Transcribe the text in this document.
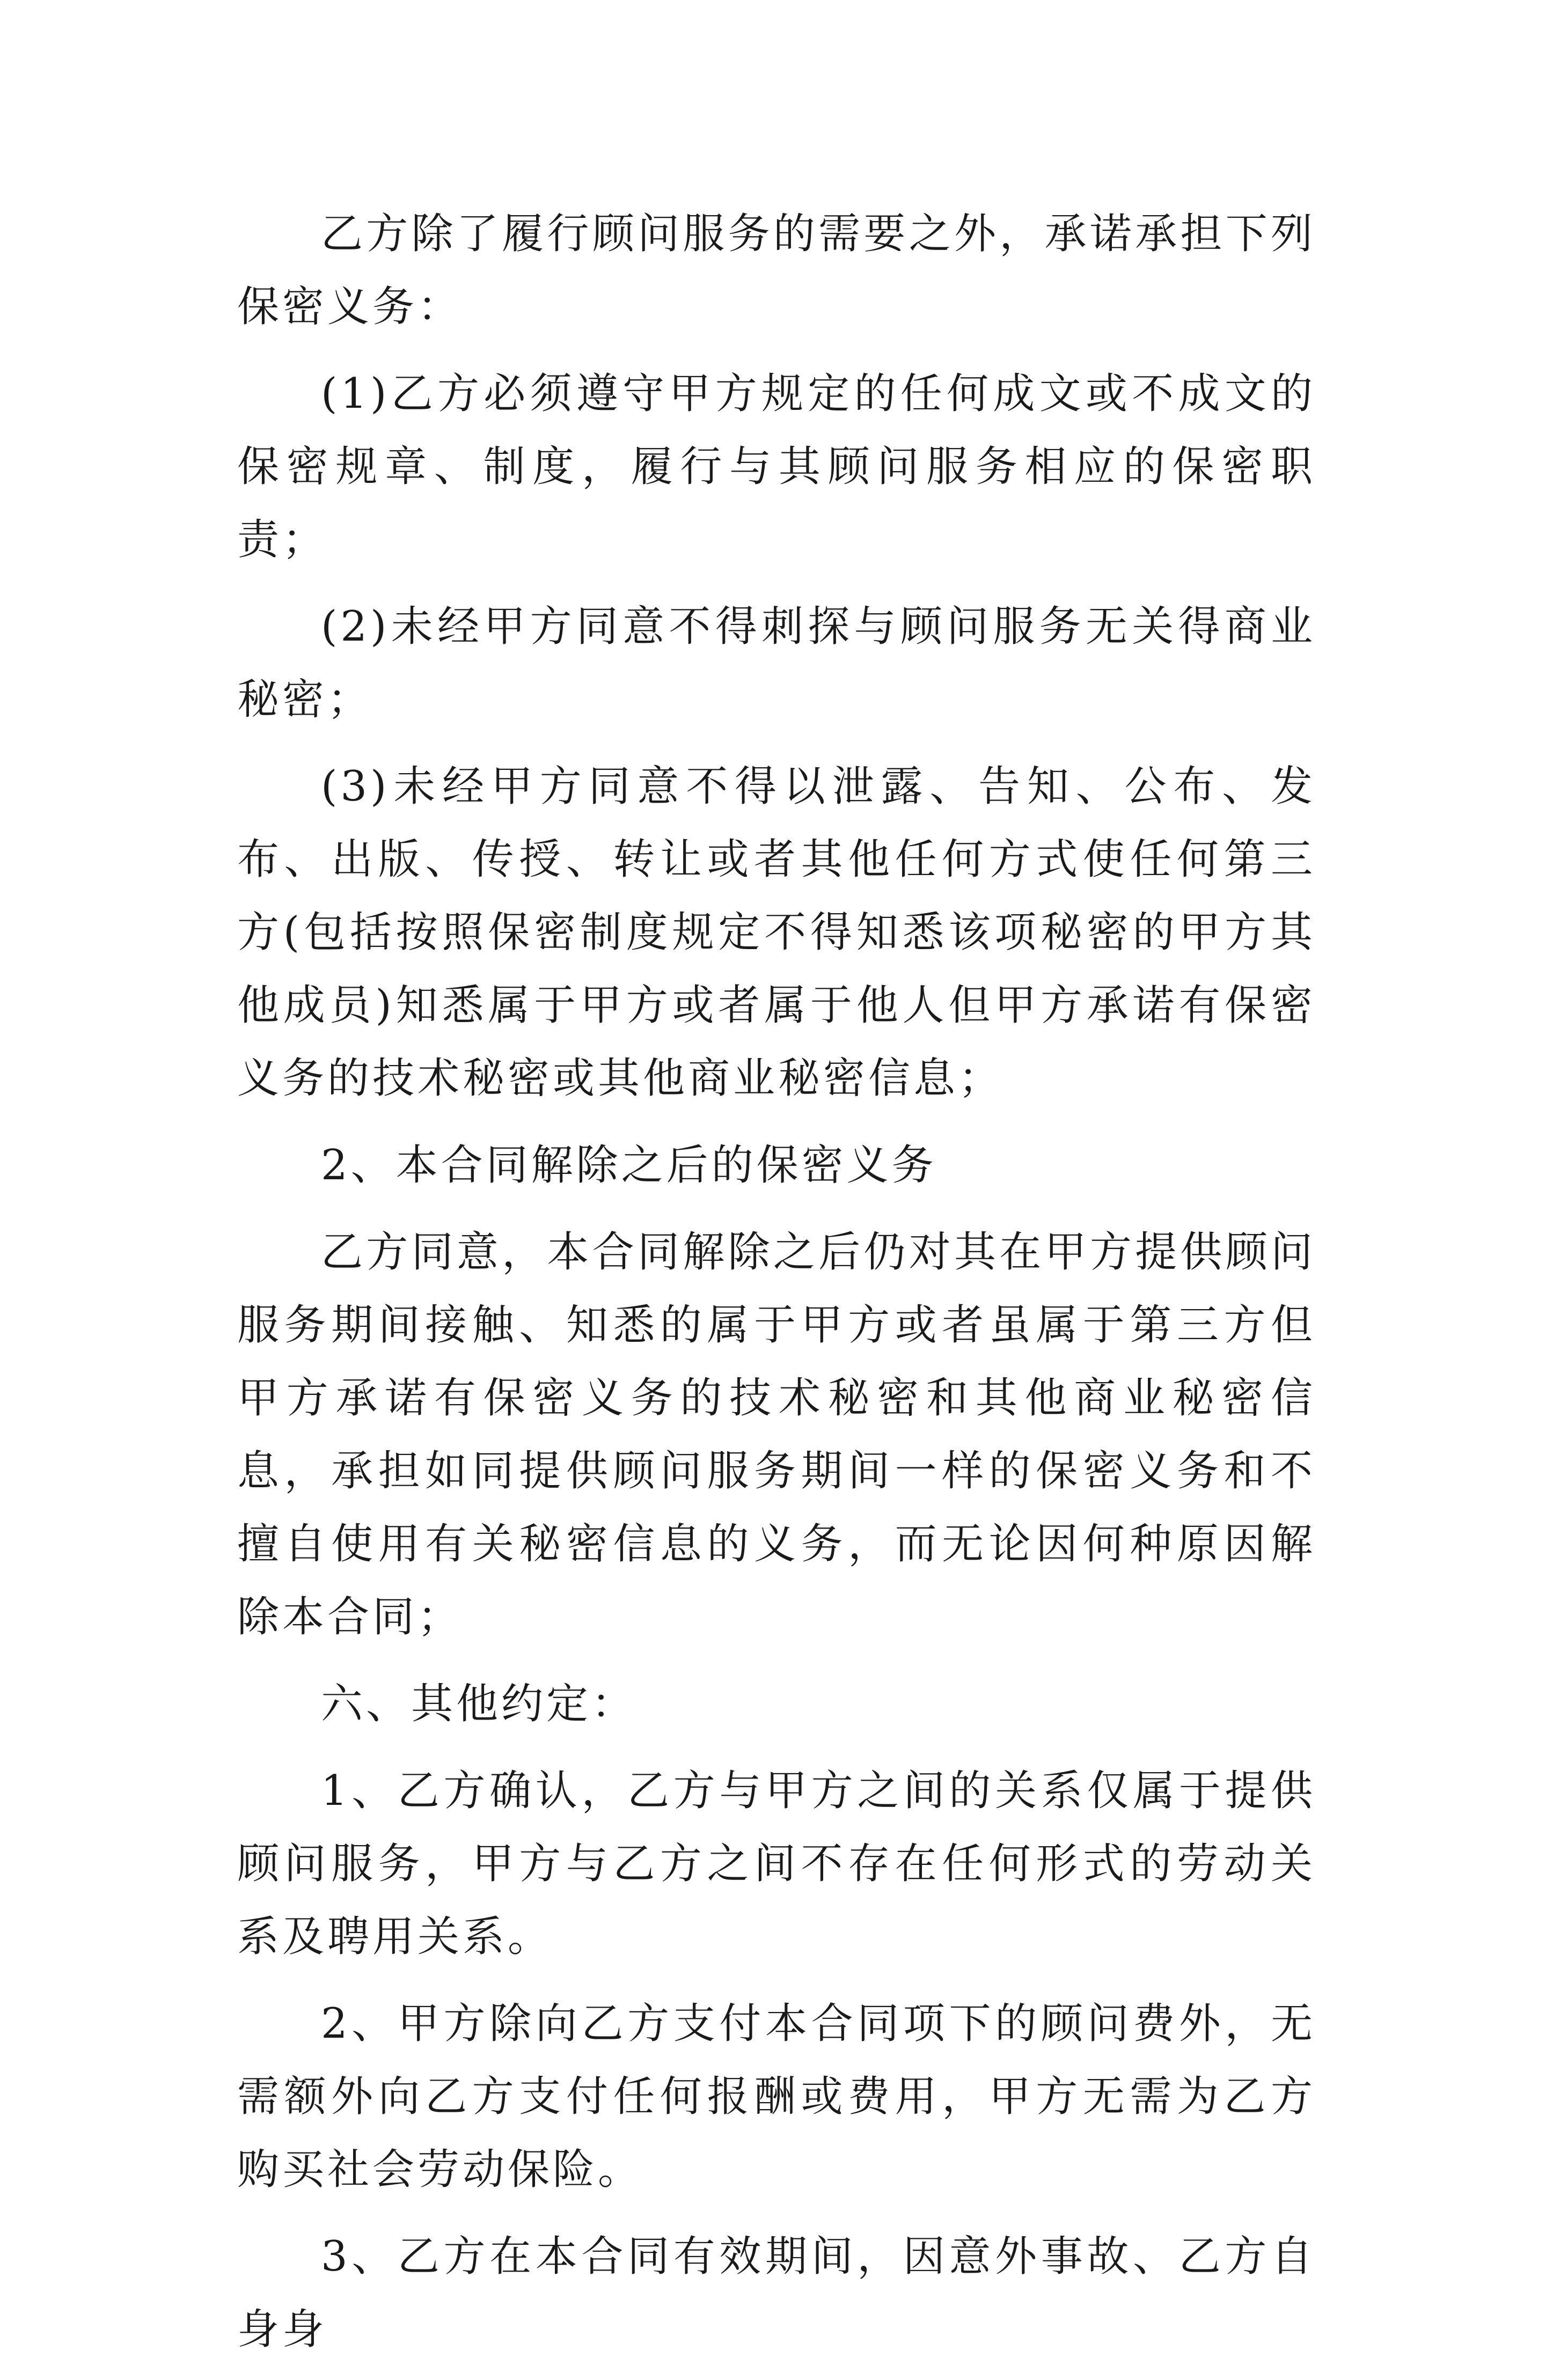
乙方除了履行顾问服务的需要之外，承诺承担下列保密义务：

(1)乙方必须遵守甲方规定的任何成文或不成文的保密规章、制度，履行与其顾问服务相应的保密职责；

(2)未经甲方同意不得刺探与顾问服务无关得商业秘密；

(3)未经甲方同意不得以泄露、告知、公布、发布、出版、传授、转让或者其他任何方式使任何第三方(包括按照保密制度规定不得知悉该项秘密的甲方其他成员)知悉属于甲方或者属于他人但甲方承诺有保密义务的技术秘密或其他商业秘密信息；

2、本合同解除之后的保密义务

乙方同意，本合同解除之后仍对其在甲方提供顾问服务期间接触、知悉的属于甲方或者虽属于第三方但甲方承诺有保密义务的技术秘密和其他商业秘密信息，承担如同提供顾问服务期间一样的保密义务和不擅自使用有关秘密信息的义务，而无论因何种原因解除本合同；

六、其他约定：

1、乙方确认，乙方与甲方之间的关系仅属于提供顾问服务，甲方与乙方之间不存在任何形式的劳动关系及聘用关系。

2、甲方除向乙方支付本合同项下的顾问费外，无需额外向乙方支付任何报酬或费用，甲方无需为乙方购买社会劳动保险。

3、乙方在本合同有效期间，因意外事故、乙方自身身
